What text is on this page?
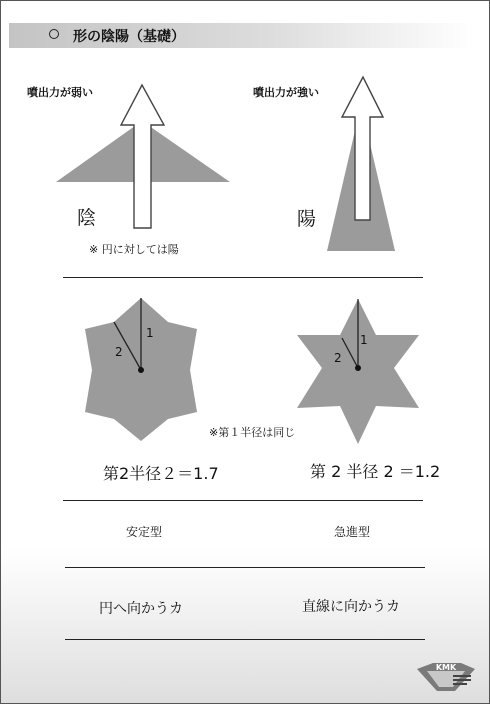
形の陰陽（基礎）
噴出力が弱い	噴出力が強い
陰	陽
※ 円に対しては陽
1
2
1
2
※第１半径は同じ
第2半径２＝1.7	第 2 半径 2 ＝1.2
安定型	急進型
円へ向かうカ	直線に向かうカ
KMK
